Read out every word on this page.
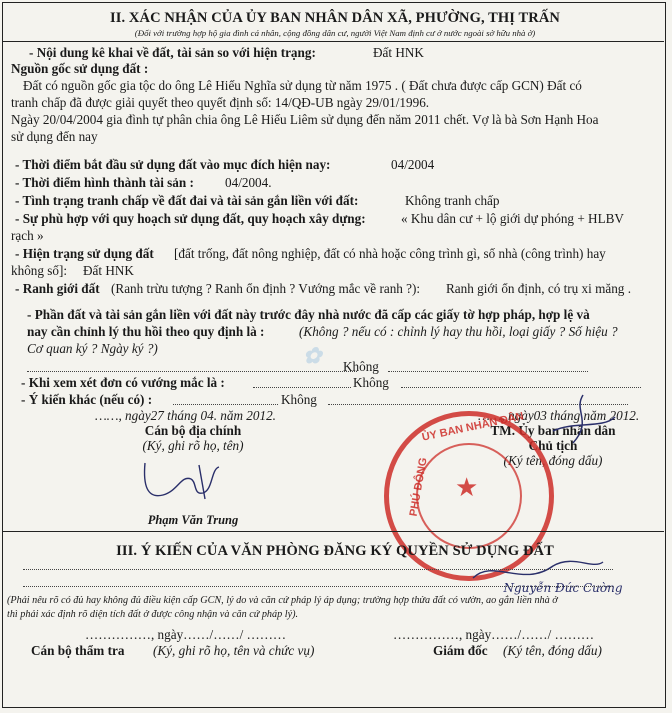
II. XÁC NHẬN CỦA ỦY BAN NHÂN DÂN XÃ, PHƯỜNG, THỊ TRẤN
(Đối với trường hợp hộ gia đình cá nhân, cộng đồng dân cư, người Việt Nam định cư ở nước ngoài sở hữu nhà ở)
- Nội dung kê khai về đất, tài sản so với hiện trạng:	Đất HNK
Nguồn gốc sử dụng đất :
Đất có nguồn gốc gia tộc do ông Lê Hiếu Nghĩa sử dụng từ năm 1975 . ( Đất chưa được cấp GCN) Đất có
tranh chấp đã được giải quyết theo quyết định số: 14/QĐ-UB ngày 29/01/1996.
Ngày 20/04/2004 gia đình tự phân chia ông Lê Hiếu Liêm sử dụng đến năm 2011 chết. Vợ là bà Sơn Hạnh Hoa
sử dụng đến nay
- Thời điểm bắt đầu sử dụng đất vào mục đích hiện nay:	04/2004
- Thời điểm hình thành tài sản : 04/2004.
- Tình trạng tranh chấp về đất đai và tài sản gắn liền với đất:	Không tranh chấp
- Sự phù hợp với quy hoạch sử dụng đất, quy hoạch xây dựng:	« Khu dân cư + lộ giới dự phóng + HLBV
rạch »
- Hiện trạng sử dụng đất [đất trống, đất nông nghiệp, đất có nhà hoặc công trình gì, số nhà (công trình) hay
không số]: Đất HNK
- Ranh giới đất (Ranh trừu tượng ? Ranh ổn định ? Vướng mắc về ranh ?): Ranh giới ổn định, có trụ xi măng .
- Phần đất và tài sản gắn liền với đất này trước đây nhà nước đã cấp các giấy tờ hợp pháp, hợp lệ và
nay cần chỉnh lý thu hồi theo quy định là :	(Không ? nếu có : chỉnh lý hay thu hồi, loại giấy ? Số hiệu ?
Cơ quan ký ? Ngày ký ?)	✿ Không
- Khi xem xét đơn có vướng mắc là :	Không
- Ý kiến khác (nếu có) :	Không
……, ngày27 tháng 04. năm 2012.
Cán bộ địa chính
(Ký, ghi rõ họ, tên)
Phạm Văn Trung
……, ngày03 tháng năm 2012.
TM. Ủy ban nhân dân
Chủ tịch
(Ký tên, đóng dấu)
ỦY BAN NHÂN DÂN
PHÚ ĐÔNG ★
Nguyễn Đức Cường
III. Ý KIẾN CỦA VĂN PHÒNG ĐĂNG KÝ QUYỀN SỬ DỤNG ĐẤT
(Phải nêu rõ có đủ hay không đủ điều kiện cấp GCN, lý do và căn cứ pháp lý áp dụng; trường hợp thửa đất có vườn, ao gắn liền nhà ở
thì phải xác định rõ diện tích đất ở được công nhận và căn cứ pháp lý).
……………, ngày……/……/ ………	……………, ngày……/……/ ………
Cán bộ thẩm tra (Ký, ghi rõ họ, tên và chức vụ)	Giám đốc (Ký tên, đóng dấu)
